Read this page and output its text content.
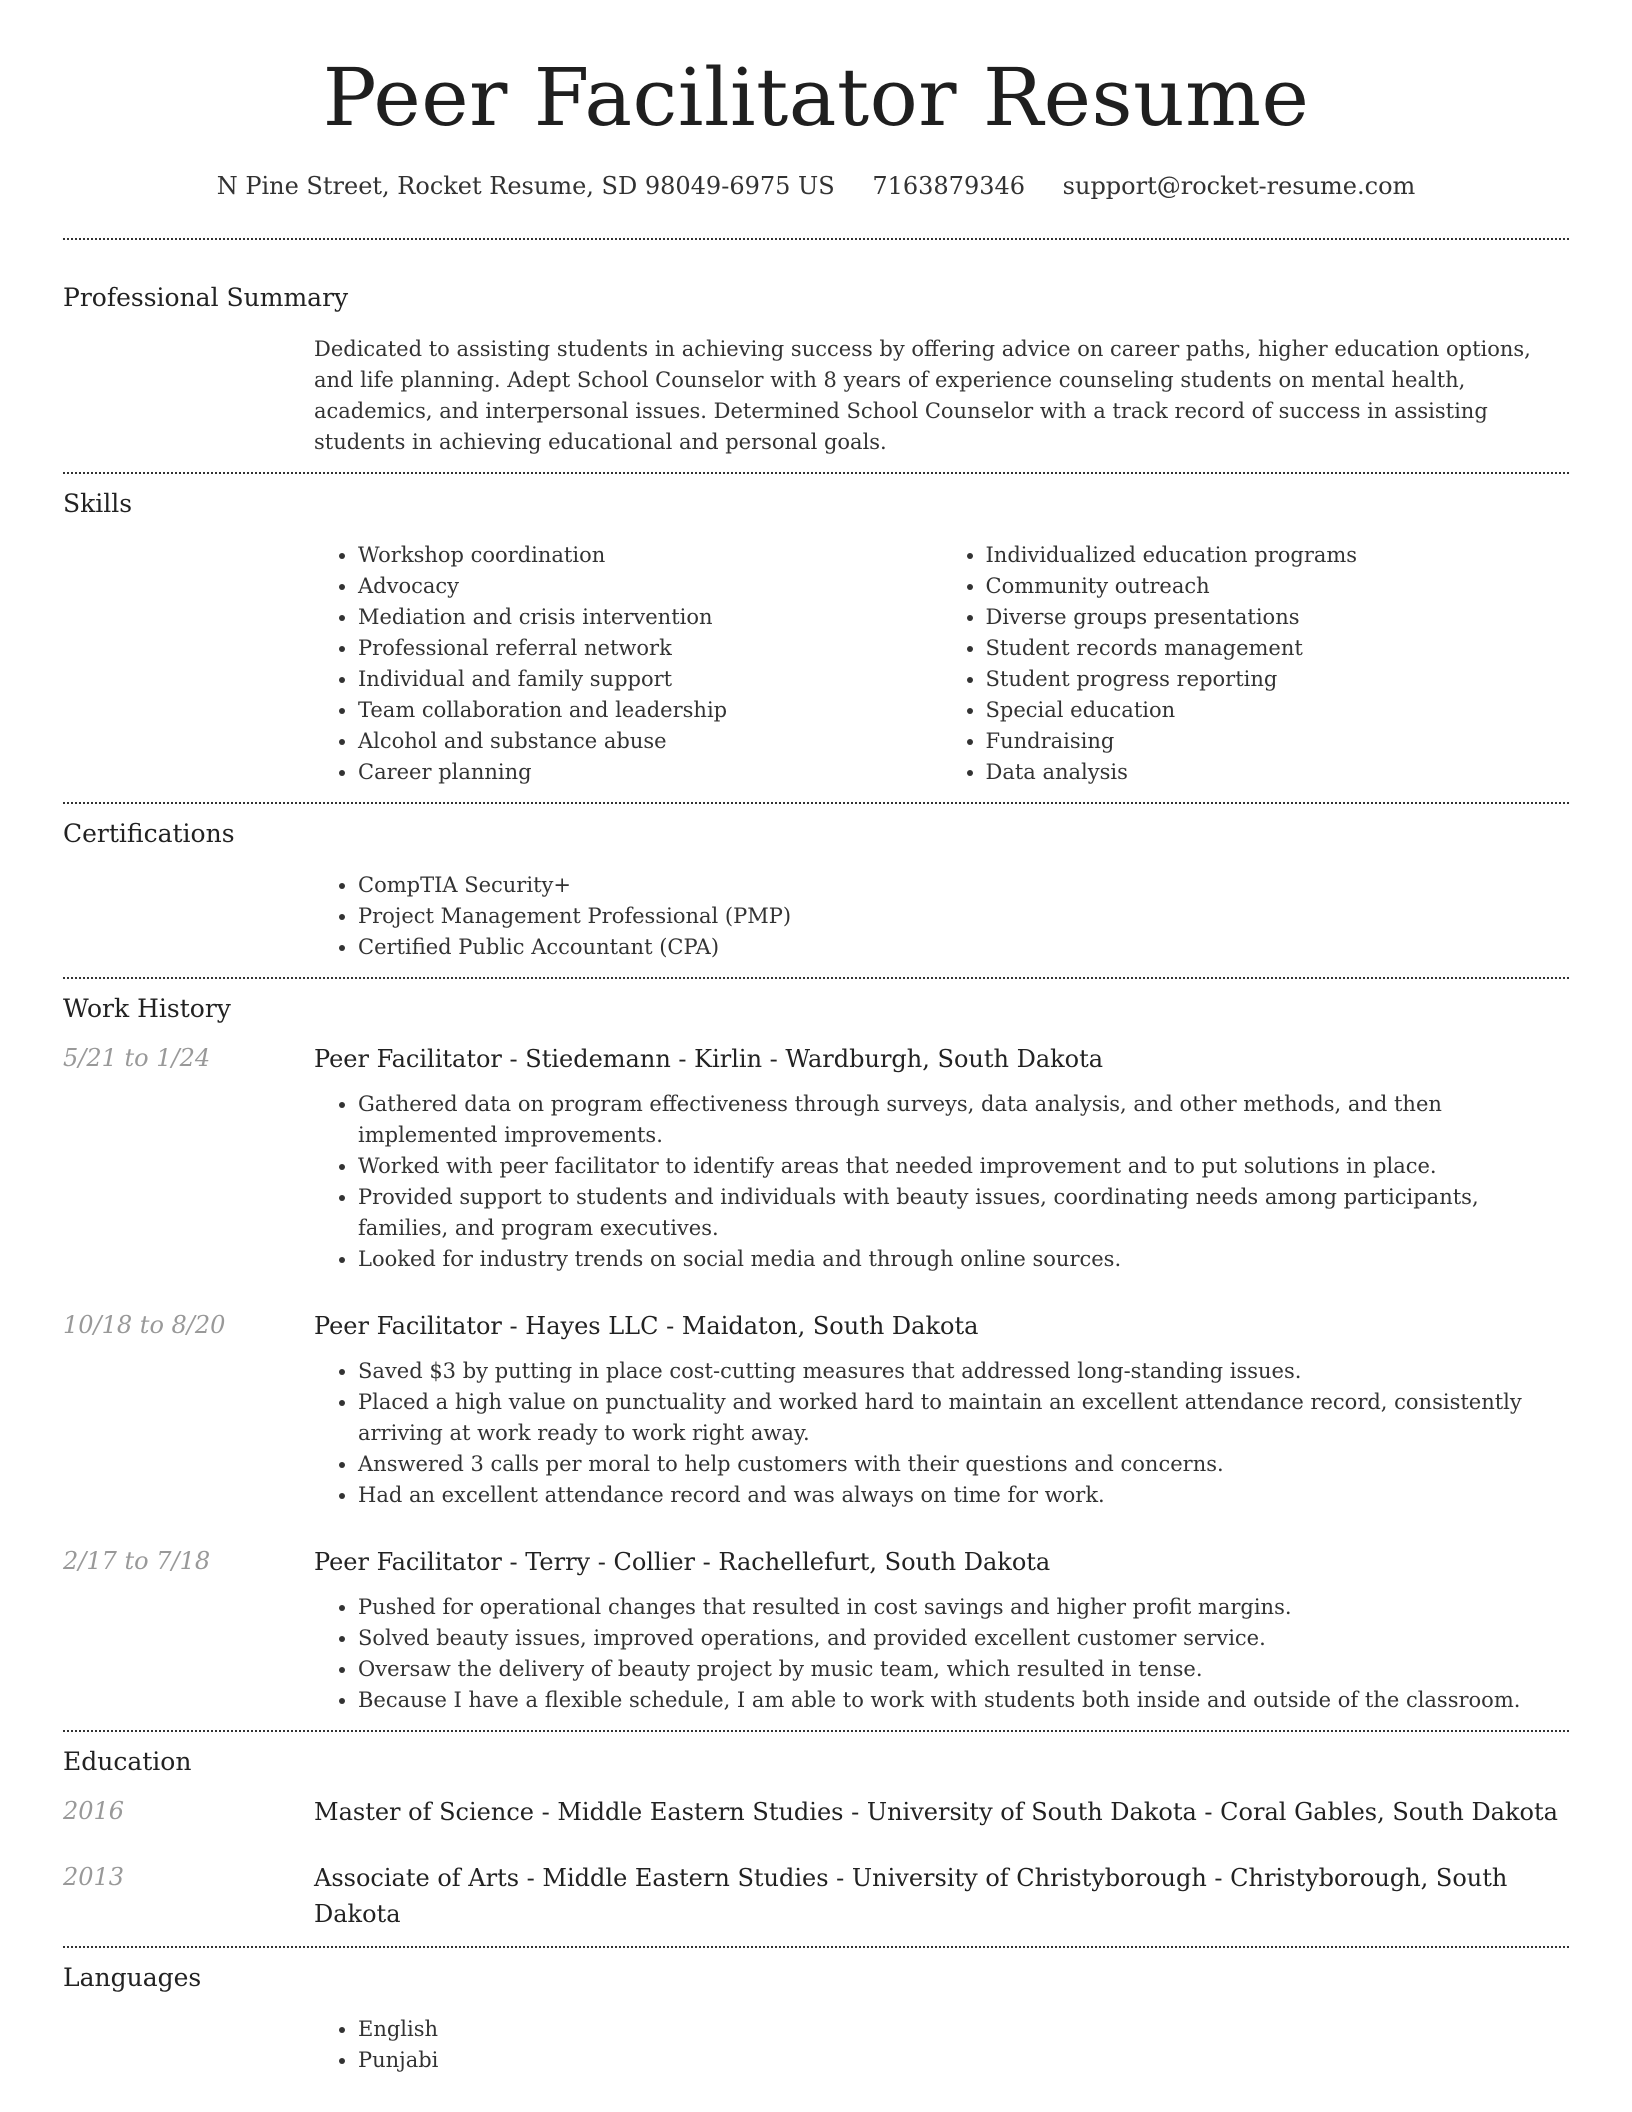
Peer Facilitator Resume
N Pine Street, Rocket Resume, SD 98049-6975 US 7163879346 support@rocket-resume.com
Professional Summary

Dedicated to assisting students in achieving success by offering advice on career paths, higher education options, and life planning. Adept School Counselor with 8 years of experience counseling students on mental health, academics, and interpersonal issues. Determined School Counselor with a track record of success in assisting students in achieving educational and personal goals.

Skills
• Workshop coordination
• Advocacy
• Mediation and crisis intervention
• Professional referral network
• Individual and family support
• Team collaboration and leadership
• Alcohol and substance abuse
• Career planning
• Individualized education programs
• Community outreach
• Diverse groups presentations
• Student records management
• Student progress reporting
• Special education
• Fundraising
• Data analysis
Certifications
• CompTIA Security+
• Project Management Professional (PMP)
• Certified Public Accountant (CPA)
Work History
5/21 to 1/24	Peer Facilitator - Stiedemann - Kirlin - Wardburgh, South Dakota
• Gathered data on program effectiveness through surveys, data analysis, and other methods, and then implemented improvements.
• Worked with peer facilitator to identify areas that needed improvement and to put solutions in place.
• Provided support to students and individuals with beauty issues, coordinating needs among participants, families, and program executives.
• Looked for industry trends on social media and through online sources.
10/18 to 8/20	Peer Facilitator - Hayes LLC - Maidaton, South Dakota
• Saved $3 by putting in place cost-cutting measures that addressed long-standing issues.
• Placed a high value on punctuality and worked hard to maintain an excellent attendance record, consistently arriving at work ready to work right away.
• Answered 3 calls per moral to help customers with their questions and concerns.
• Had an excellent attendance record and was always on time for work.
2/17 to 7/18	Peer Facilitator - Terry - Collier - Rachellefurt, South Dakota
• Pushed for operational changes that resulted in cost savings and higher profit margins.
• Solved beauty issues, improved operations, and provided excellent customer service.
• Oversaw the delivery of beauty project by music team, which resulted in tense.
• Because I have a flexible schedule, I am able to work with students both inside and outside of the classroom.
Education
2016	Master of Science - Middle Eastern Studies - University of South Dakota - Coral Gables, South Dakota
2013	Associate of Arts - Middle Eastern Studies - University of Christyborough - Christyborough, South Dakota
Languages
• English
• Punjabi
